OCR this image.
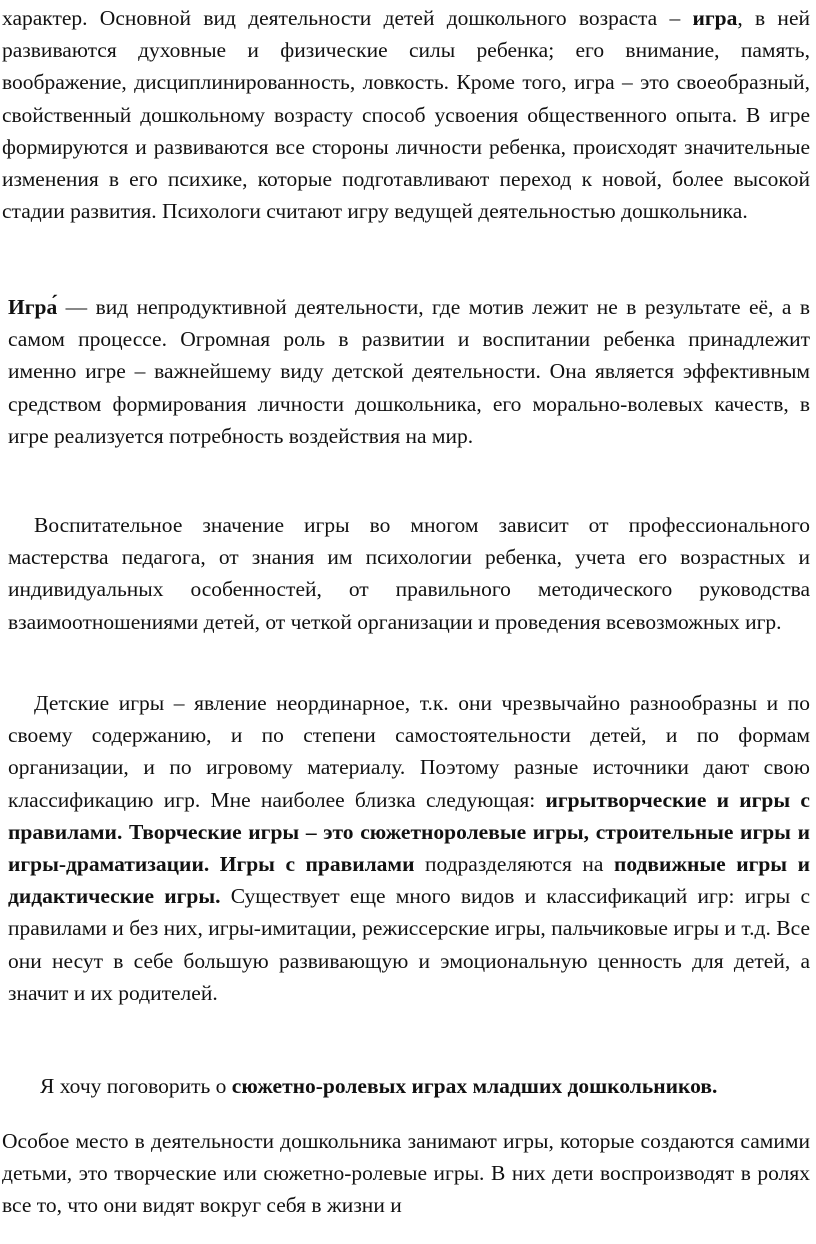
характер. Основной вид деятельности детей дошкольного возраста – игра, в ней развиваются духовные и физические силы ребенка; его внимание, память, воображение, дисциплинированность, ловкость. Кроме того, игра – это своеобразный, свойственный дошкольному возрасту способ усвоения общественного опыта. В игре формируются и развиваются все стороны личности ребенка, происходят значительные изменения в его психике, которые подготавливают переход к новой, более высокой стадии развития. Психологи считают игру ведущей деятельностью дошкольника.

Игра́ — вид непродуктивной деятельности, где мотив лежит не в результате её, а в самом процессе. Огромная роль в развитии и воспитании ребенка принадлежит именно игре – важнейшему виду детской деятельности. Она является эффективным средством формирования личности дошкольника, его морально-волевых качеств, в игре реализуется потребность воздействия на мир.

Воспитательное значение игры во многом зависит от профессионального мастерства педагога, от знания им психологии ребенка, учета его возрастных и индивидуальных особенностей, от правильного методического руководства взаимоотношениями детей, от четкой организации и проведения всевозможных игр.

Детские игры – явление неординарное, т.к. они чрезвычайно разнообразны и по своему содержанию, и по степени самостоятельности детей, и по формам организации, и по игровому материалу. Поэтому разные источники дают свою классификацию игр. Мне наиболее близка следующая: игрытворческие и игры с правилами. Творческие игры – это сюжетноролевые игры, строительные игры и игры-драматизации. Игры с правилами подразделяются на подвижные игры и дидактические игры. Существует еще много видов и классификаций игр: игры с правилами и без них, игры-имитации, режиссерские игры, пальчиковые игры и т.д. Все они несут в себе большую развивающую и эмоциональную ценность для детей, а значит и их родителей.

Я хочу поговорить о сюжетно-ролевых играх младших дошкольников.

Особое место в деятельности дошкольника занимают игры, которые создаются самими детьми, это творческие или сюжетно-ролевые игры. В них дети воспроизводят в ролях все то, что они видят вокруг себя в жизни и
